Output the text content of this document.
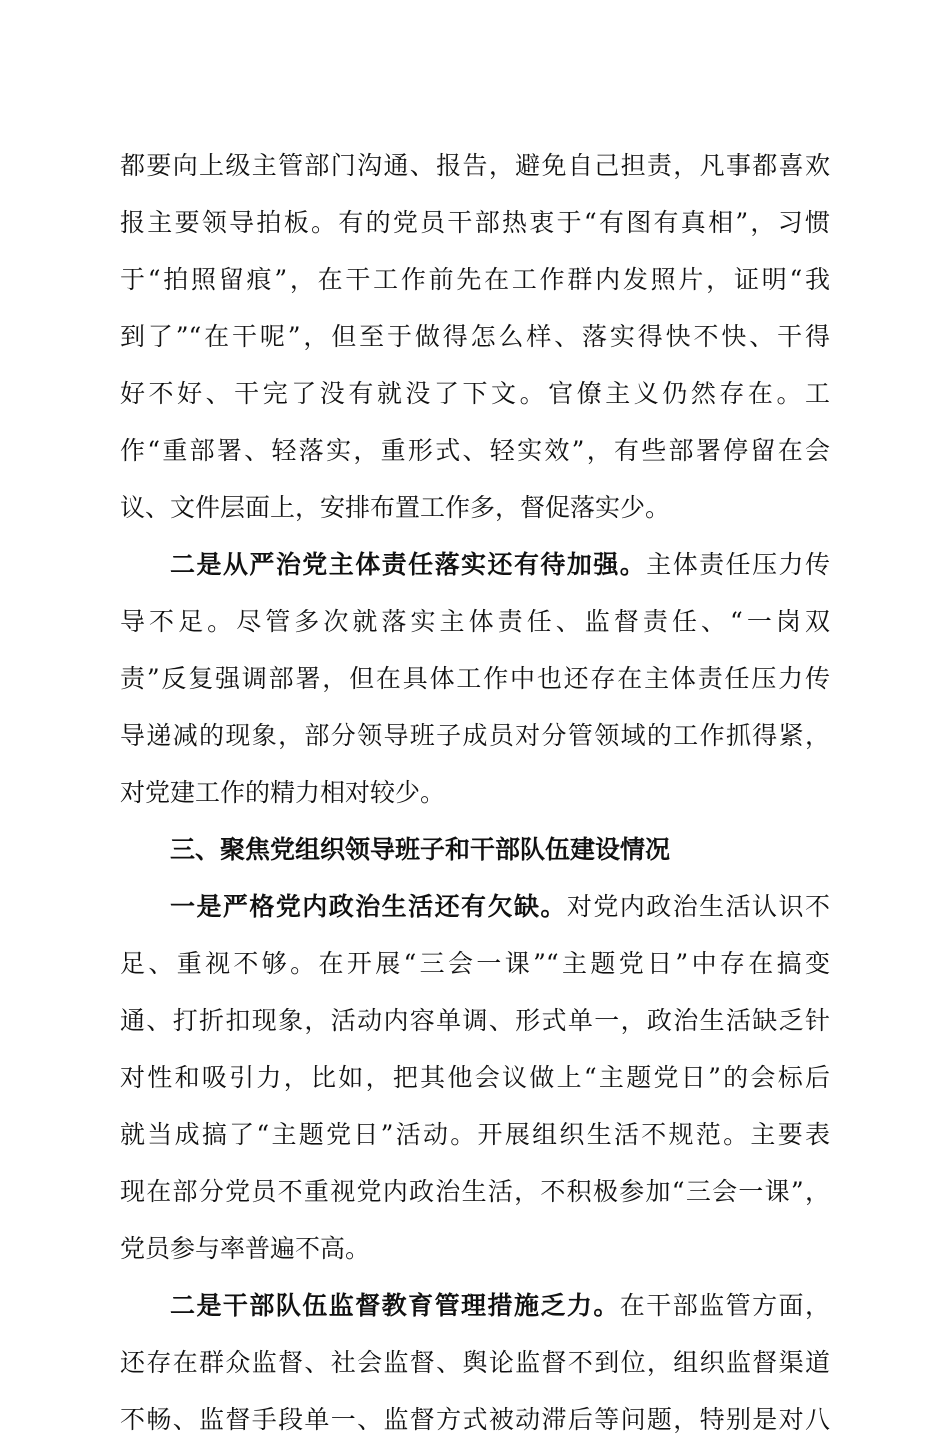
都要向上级主管部门沟通、报告，避免自己担责，凡事都喜欢
报主要领导拍板。有的党员干部热衷于“有图有真相”，习惯
于“拍照留痕”，在干工作前先在工作群内发照片，证明“我
到了”“在干呢”，但至于做得怎么样、落实得快不快、干得
好不好、干完了没有就没了下文。官僚主义仍然存在。工
作“重部署、轻落实，重形式、轻实效”，有些部署停留在会
议、文件层面上，安排布置工作多，督促落实少。
二是从严治党主体责任落实还有待加强。主体责任压力传
导不足。尽管多次就落实主体责任、监督责任、“一岗双
责”反复强调部署，但在具体工作中也还存在主体责任压力传
导递减的现象，部分领导班子成员对分管领域的工作抓得紧，
对党建工作的精力相对较少。
三、聚焦党组织领导班子和干部队伍建设情况
一是严格党内政治生活还有欠缺。对党内政治生活认识不
足、重视不够。在开展“三会一课”“主题党日”中存在搞变
通、打折扣现象，活动内容单调、形式单一，政治生活缺乏针
对性和吸引力，比如，把其他会议做上“主题党日”的会标后
就当成搞了“主题党日”活动。开展组织生活不规范。主要表
现在部分党员不重视党内政治生活，不积极参加“三会一课”，
党员参与率普遍不高。
二是干部队伍监督教育管理措施乏力。在干部监管方面，
还存在群众监督、社会监督、舆论监督不到位，组织监督渠道
不畅、监督手段单一、监督方式被动滞后等问题，特别是对八
